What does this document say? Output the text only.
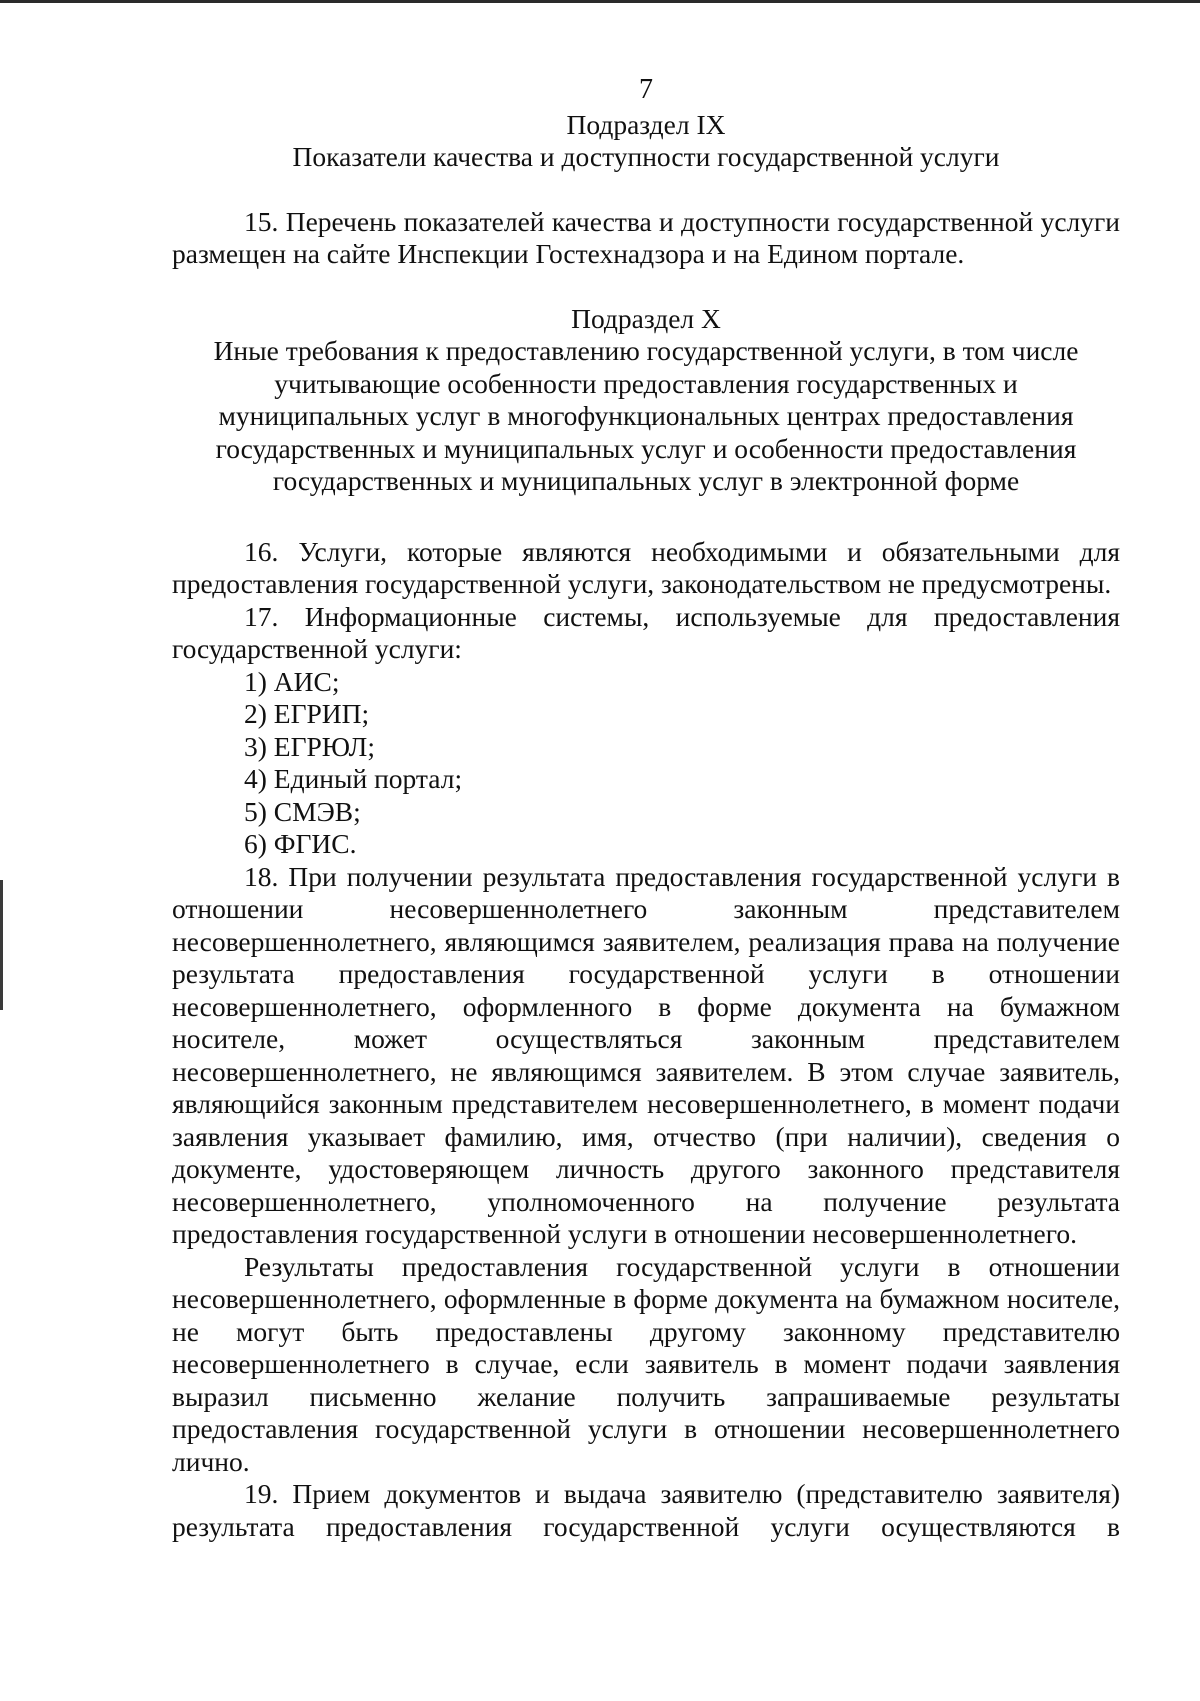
7

Подраздел IX

Показатели качества и доступности государственной услуги

15. Перечень показателей качества и доступности государственной услуги размещен на сайте Инспекции Гостехнадзора и на Едином портале.

Подраздел X

Иные требования к предоставлению государственной услуги, в том числе

учитывающие особенности предоставления государственных и

муниципальных услуг в многофункциональных центрах предоставления

государственных и муниципальных услуг и особенности предоставления

государственных и муниципальных услуг в электронной форме

16. Услуги, которые являются необходимыми и обязательными для предоставления государственной услуги, законодательством не предусмотрены.

17. Информационные системы, используемые для предоставления государственной услуги:

1) АИС;

2) ЕГРИП;

3) ЕГРЮЛ;

4) Единый портал;

5) СМЭВ;

6) ФГИС.

18. При получении результата предоставления государственной услуги в отношении несовершеннолетнего законным представителем несовершеннолетнего, являющимся заявителем, реализация права на получение результата предоставления государственной услуги в отношении несовершеннолетнего, оформленного в форме документа на бумажном носителе, может осуществляться законным представителем несовершеннолетнего, не являющимся заявителем. В этом случае заявитель, являющийся законным представителем несовершеннолетнего, в момент подачи заявления указывает фамилию, имя, отчество (при наличии), сведения о документе, удостоверяющем личность другого законного представителя несовершеннолетнего, уполномоченного на получение результата предоставления государственной услуги в отношении несовершеннолетнего.

Результаты предоставления государственной услуги в отношении несовершеннолетнего, оформленные в форме документа на бумажном носителе, не могут быть предоставлены другому законному представителю несовершеннолетнего в случае, если заявитель в момент подачи заявления выразил письменно желание получить запрашиваемые результаты предоставления государственной услуги в отношении несовершеннолетнего лично.

19. Прием документов и выдача заявителю (представителю заявителя) результата предоставления государственной услуги осуществляются в
